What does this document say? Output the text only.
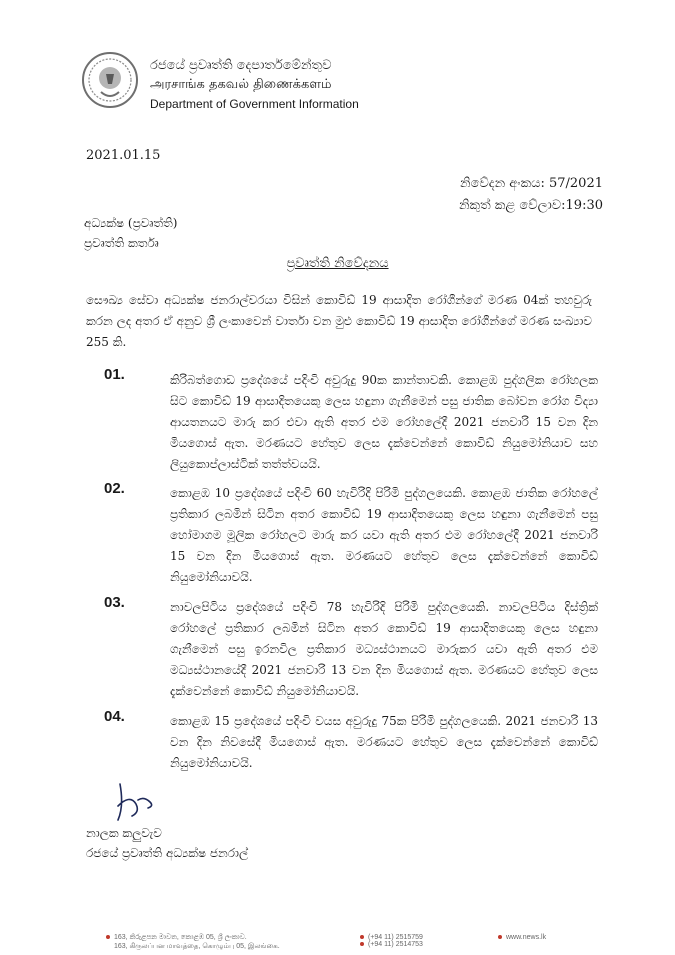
රජයේ ප්‍රවෘත්ති දෙපාර්තමේන්තුව
அரசாங்க தகவல் திணைக்களம்
Department of Government Information
2021.01.15
නිවේදන අංකය: 57/2021
නිකුත් කළ වේලාව:19:30
අධ්‍යක්ෂ (ප්‍රවෘත්ති)
ප්‍රවෘත්ති කර්තෘ
ප්‍රවෘත්ති නිවේදනය
සෞඛ්‍ය සේවා අධ්‍යක්ෂ ජනරාල්වරයා විසින් කොවිඩ් 19 ආසාදිත රෝගීන්ගේ මරණ 04ක් තහවුරු කරන ලද අතර ඒ අනුව ශ්‍රී ලංකාවෙන් වාර්තා වන මුළු කොවිඩ් 19 ආසාදිත රෝගීන්ගේ මරණ සංඛ්‍යාව 255 කි.
01.	කිරිබත්ගොඩ ප්‍රදේශයේ පදිංචි අවුරුදු 90ක කාන්තාවකි. කොළඹ පුද්ගලික රෝහලක සිට කොවිඩ් 19 ආසාදිතයෙකු ලෙස හඳුනා ගැනීමෙන් පසු ජාතික බෝවන රෝග විද්‍යා ආයතනයට මාරු කර එවා ඇති අතර එම රෝහලේදී 2021 ජනවාරි 15 වන දින මියගොස් ඇත. මරණයට හේතුව ලෙස දැක්වෙන්නේ කොවිඩ් නියුමෝනියාව සහ ලියුකොප්ලාස්ටික් තත්ත්වයයි.
02.	කොළඹ 10 ප්‍රදේශයේ පදිංචි 60 හැවිරිදි පිරිමි පුද්ගලයෙකි. කොළඹ ජාතික රෝහලේ ප්‍රතිකාර ලබමින් සිටින අතර කොවිඩ් 19 ආසාදිතයෙකු ලෙස හඳුනා ගැනීමෙන් පසු හෝමාගම මූලික රෝහලට මාරු කර යවා ඇති අතර එම රෝහලේදී 2021 ජනවාරි 15 වන දින මියගොස් ඇත. මරණයට හේතුව ලෙස දැක්වෙන්නේ කොවිඩ් නියුමෝනියාවයි.
03.	නාවලපිටිය ප්‍රදේශයේ පදිංචි 78 හැවිරිදි පිරිමි පුද්ගලයෙකි. නාවලපිටිය දිස්ත්‍රික් රෝහලේ ප්‍රතිකාර ලබමින් සිටින අතර කොවිඩ් 19 ආසාදිතයෙකු ලෙස හඳුනා ගැනීමෙන් පසු ඉරනවිල ප්‍රතිකාර මධ්‍යස්ථානයට මාරුකර යවා ඇති අතර එම මධ්‍යස්ථානයේදී 2021 ජනවාරි 13 වන දින මියගොස් ඇත. මරණයට හේතුව ලෙස දැක්වෙන්නේ කොවිඩ් නියුමෝනියාවයි.
04.	කොළඹ 15 ප්‍රදේශයේ පදිංචි වයස අවුරුදු 75ක පිරිමි පුද්ගලයෙකි. 2021 ජනවාරි 13 වන දින නිවසේදී මියගොස් ඇත. මරණයට හේතුව ලෙස දැක්වෙන්නේ කොවිඩ් නියුමෝනියාවයි.
නාලක කලුවැව
රජයේ ප්‍රවෘත්ති අධ්‍යක්ෂ ජනරාල්
163, කිරුළපන මාවත, කොළඹ 05, ශ්‍රී ලංකාව.
163, கிருலப்பன மாவத்தை, கொழும்பு 05, இலங்கை.
(+94 11) 2515759
(+94 11) 2514753
www.news.lk
